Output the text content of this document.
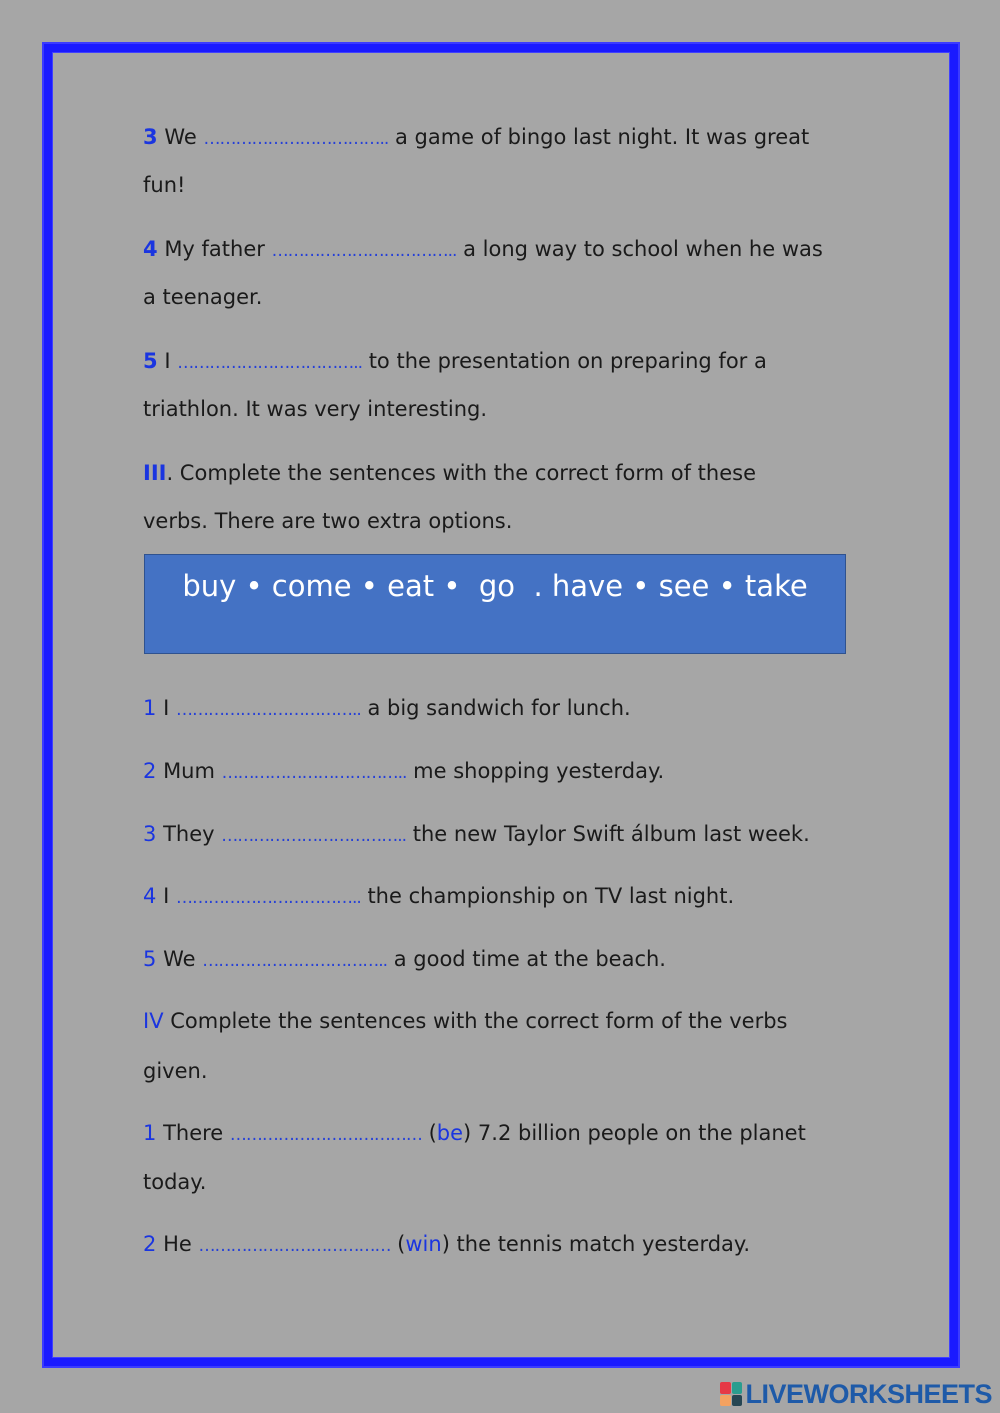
3 We …………………………….. a game of bingo last night. It was great
fun!
4 My father …………………………….. a long way to school when he was
a teenager.
5 I …………………………….. to the presentation on preparing for a
triathlon. It was very interesting.
III. Complete the sentences with the correct form of these
verbs. There are two extra options.
1 I …………………………….. a big sandwich for lunch.
2 Mum …………………………….. me shopping yesterday.
3 They …………………………….. the new Taylor Swift álbum last week.
4 I …………………………….. the championship on TV last night.
5 We …………………………….. a good time at the beach.
IV Complete the sentences with the correct form of the verbs
given.
1 There ……………………………… (be) 7.2 billion people on the planet
today.
2 He ……………………………… (win) the tennis match yesterday.
buy • come • eat •  go  . have • see • take
LIVEWORKSHEETS
